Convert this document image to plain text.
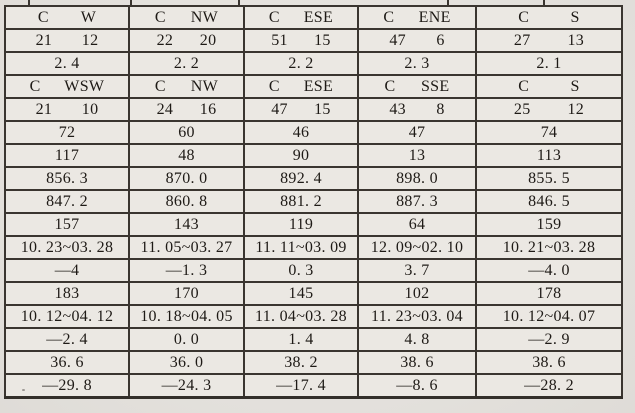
C W	C NW	C ESE	C ENE	C S

21 12	22 20	51 15	47 6	27 13

2. 4	2. 2	2. 2	2. 3	2. 1

C WSW	C NW	C ESE	C SSE	C S

21 10	24 16	47 15	43 8	25 12

72	60	46	47	74
117	48	90	13	113
856. 3	870. 0	892. 4	898. 0	855. 5
847. 2	860. 8	881. 2	887. 3	846. 5
157	143	119	64	159
10. 23~03. 28	11. 05~03. 27	11. 11~03. 09	12. 09~02. 10	10. 21~03. 28
—4	—1. 3	0. 3	3. 7	—4. 0
183	170	145	102	178
10. 12~04. 12	10. 18~04. 05	11. 04~03. 28	11. 23~03. 04	10. 12~04. 07
—2. 4	0. 0	1. 4	4. 8	—2. 9
36. 6	36. 0	38. 2	38. 6	38. 6
—29. 8	—24. 3	—17. 4	—8. 6	—28. 2
